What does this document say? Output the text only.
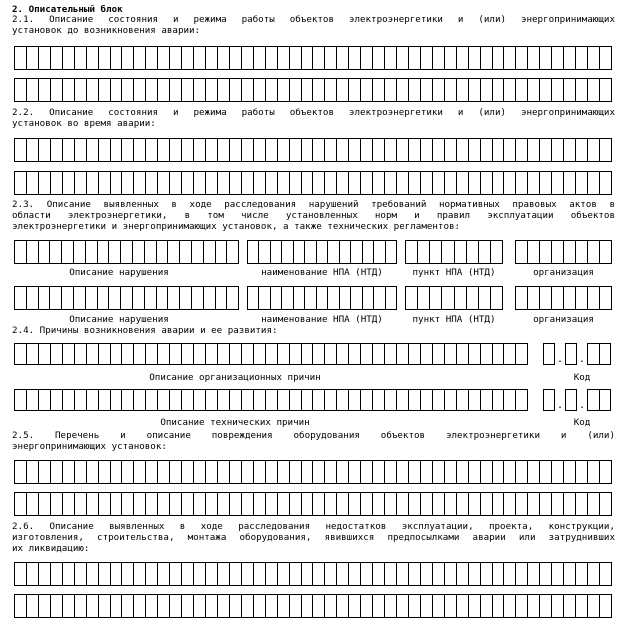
2. Описательный блок
2.1. Описание состояния и режима работы объектов электроэнергетики и (или) энергопринимающих
установок до возникновения аварии:
2.2. Описание состояния и режима работы объектов электроэнергетики и (или) энергопринимающих
установок во время аварии:
2.3. Описание выявленных в ходе расследования нарушений требований нормативных правовых актов в
области электроэнергетики, в том числе установленных норм и правил эксплуатации объектов
электроэнергетики и энергопринимающих установок, а также технических регламентов:
Описание нарушения	наименование НПА (НТД)	пункт НПА (НТД)	организация
Описание нарушения	наименование НПА (НТД)	пункт НПА (НТД)	организация
2.4. Причины возникновения аварии и ее развития:
. .
Описание организационных причин	Код
. .
Описание технических причин	Код
2.5. Перечень и описание повреждения оборудования объектов электроэнергетики и (или)
энергопринимающих установок:
2.6. Описание выявленных в ходе расследования недостатков эксплуатации, проекта, конструкции,
изготовления, строительства, монтажа оборудования, явившихся предпосылками аварии или затруднивших
их ликвидацию:
